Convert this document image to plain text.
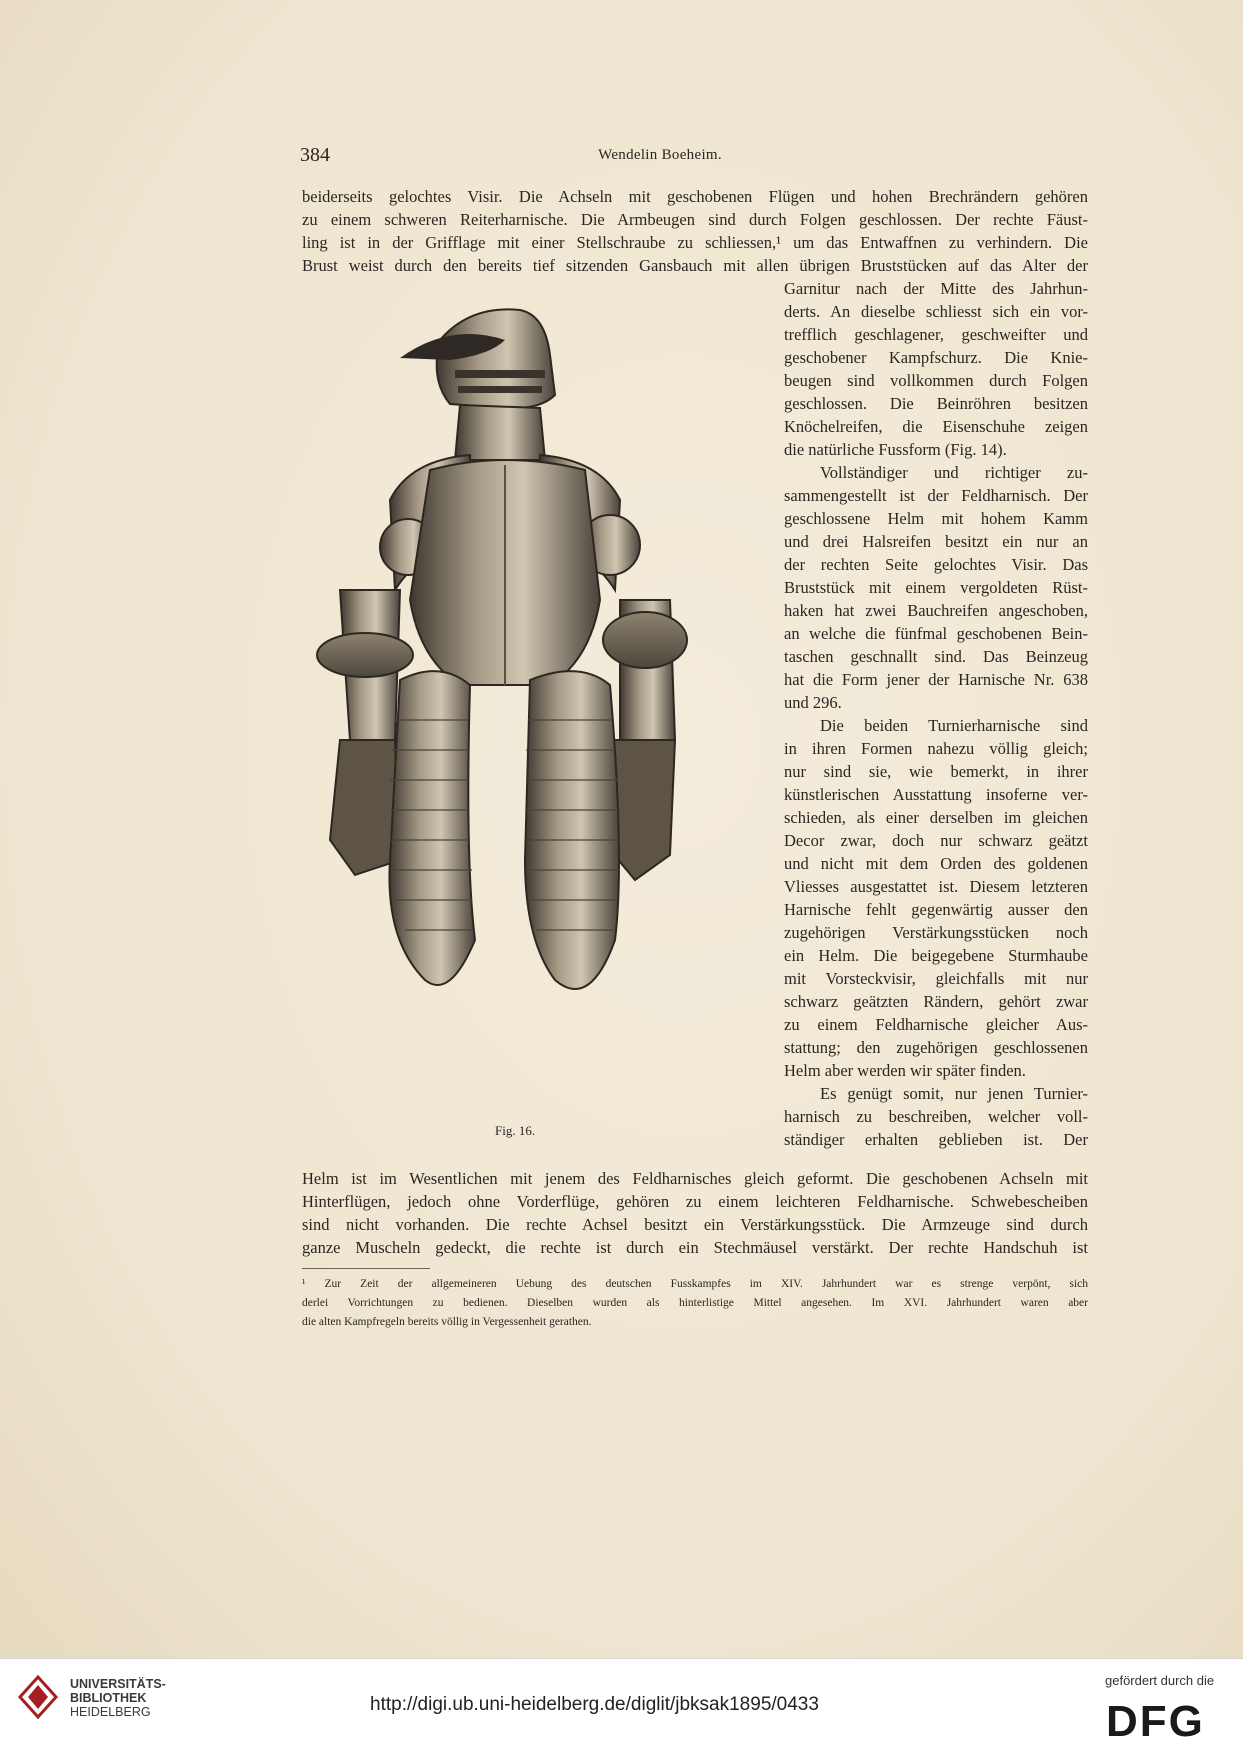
384	Wendelin Boeheim.
beiderseits gelochtes Visir. Die Achseln mit geschobenen Flügen und hohen Brechrändern gehören
zu einem schweren Reiterharnische. Die Armbeugen sind durch Folgen geschlossen. Der rechte Fäust-
ling ist in der Grifflage mit einer Stellschraube zu schliessen,¹ um das Entwaffnen zu verhindern. Die
Brust weist durch den bereits tief sitzenden Gansbauch mit allen übrigen Bruststücken auf das Alter der
Garnitur nach der Mitte des Jahrhun-
derts. An dieselbe schliesst sich ein vor-
trefflich geschlagener, geschweifter und
geschobener Kampfschurz. Die Knie-
beugen sind vollkommen durch Folgen
geschlossen. Die Beinröhren besitzen
Knöchelreifen, die Eisenschuhe zeigen
die natürliche Fussform (Fig. 14).
Vollständiger und richtiger zu-
sammengestellt ist der Feldharnisch. Der
geschlossene Helm mit hohem Kamm
und drei Halsreifen besitzt ein nur an
der rechten Seite gelochtes Visir. Das
Bruststück mit einem vergoldeten Rüst-
haken hat zwei Bauchreifen angeschoben,
an welche die fünfmal geschobenen Bein-
taschen geschnallt sind. Das Beinzeug
hat die Form jener der Harnische Nr. 638
und 296.
Die beiden Turnierharnische sind
in ihren Formen nahezu völlig gleich;
nur sind sie, wie bemerkt, in ihrer
künstlerischen Ausstattung insoferne ver-
schieden, als einer derselben im gleichen
Decor zwar, doch nur schwarz geätzt
und nicht mit dem Orden des goldenen
Vliesses ausgestattet ist. Diesem letzteren
Harnische fehlt gegenwärtig ausser den
zugehörigen Verstärkungsstücken noch
ein Helm. Die beigegebene Sturmhaube
mit Vorsteckvisir, gleichfalls mit nur
schwarz geätzten Rändern, gehört zwar
zu einem Feldharnische gleicher Aus-
stattung; den zugehörigen geschlossenen
Helm aber werden wir später finden.
Es genügt somit, nur jenen Turnier-
harnisch zu beschreiben, welcher voll-
ständiger erhalten geblieben ist. Der
Helm ist im Wesentlichen mit jenem des Feldharnisches gleich geformt. Die geschobenen Achseln mit
Hinterflügen, jedoch ohne Vorderflüge, gehören zu einem leichteren Feldharnische. Schwebescheiben
sind nicht vorhanden. Die rechte Achsel besitzt ein Verstärkungsstück. Die Armzeuge sind durch
ganze Muscheln gedeckt, die rechte ist durch ein Stechmäusel verstärkt. Der rechte Handschuh ist
Fig. 16.
¹ Zur Zeit der allgemeineren Uebung des deutschen Fusskampfes im XIV. Jahrhundert war es strenge verpönt, sich
derlei Vorrichtungen zu bedienen. Dieselben wurden als hinterlistige Mittel angesehen. Im XVI. Jahrhundert waren aber
die alten Kampfregeln bereits völlig in Vergessenheit gerathen.
UNIVERSITÄTS-
BIBLIOTHEK
HEIDELBERG	http://digi.ub.uni-heidelberg.de/diglit/jbksak1895/0433
gefördert durch die
DFG
